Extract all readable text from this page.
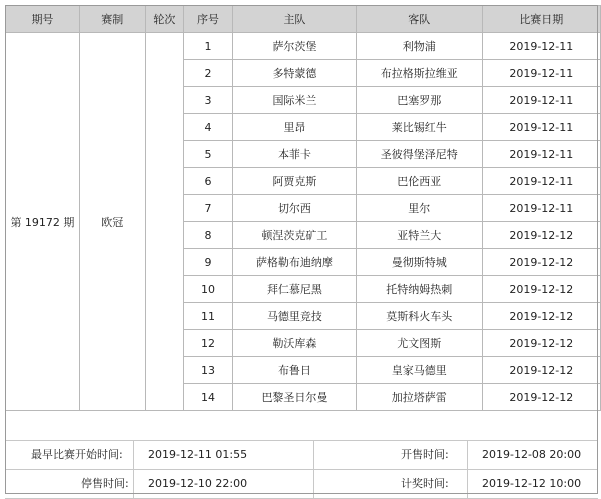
期号	赛制	轮次	序号	主队	客队	比赛日期
第 19172 期	欧冠		1	萨尔茨堡	利物浦	2019-12-11
			2	多特蒙德	布拉格斯拉维亚	2019-12-11
			3	国际米兰	巴塞罗那	2019-12-11
			4	里昂	莱比锡红牛	2019-12-11
			5	本菲卡	圣彼得堡泽尼特	2019-12-11
			6	阿贾克斯	巴伦西亚	2019-12-11
			7	切尔西	里尔	2019-12-11
			8	顿涅茨克矿工	亚特兰大	2019-12-12
			9	萨格勒布迪纳摩	曼彻斯特城	2019-12-12
			10	拜仁慕尼黑	托特纳姆热刺	2019-12-12
			11	马德里竞技	莫斯科火车头	2019-12-12
			12	勒沃库森	尤文图斯	2019-12-12
			13	布鲁日	皇家马德里	2019-12-12
			14	巴黎圣日尔曼	加拉塔萨雷	2019-12-12
最早比赛开始时间: 2019-12-11 01:55	开售时间:	2019-12-08 20:00
停售时间: 2019-12-10 22:00	计奖时间:	2019-12-12 10:00
